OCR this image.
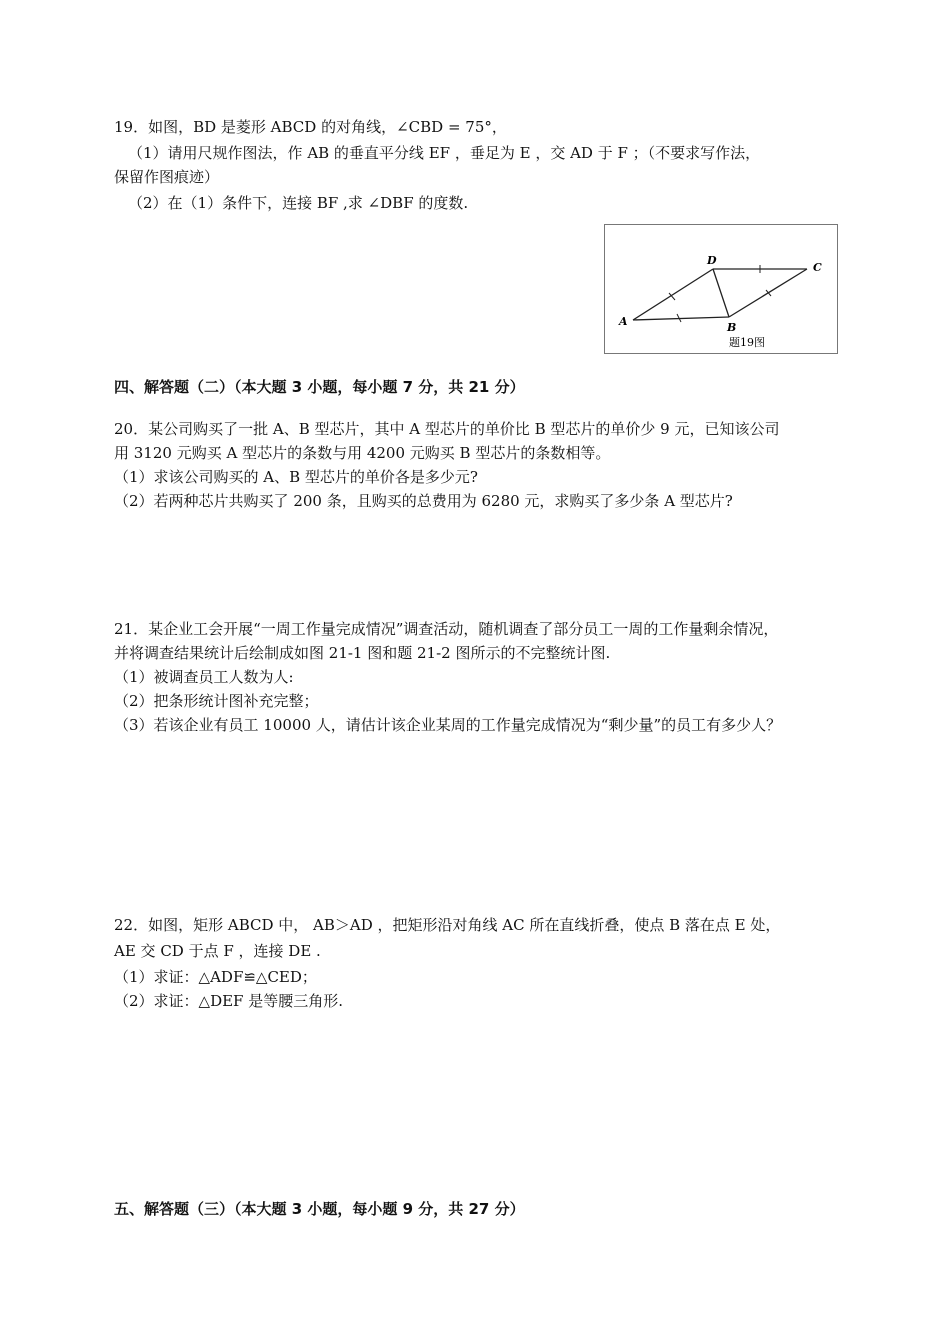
19．如图，BD 是菱形 ABCD 的对角线，∠CBD = 75°，
（1）请用尺规作图法，作 AB 的垂直平分线 EF ，垂足为 E ，交 AD 于 F ；（不要求写作法，
保留作图痕迹）
（2）在（1）条件下，连接 BF ,求 ∠DBF 的度数.
A	B
C
D
题19图
四、解答题（二）（本大题 3 小题，每小题 7 分，共 21 分）
20．某公司购买了一批 A、B 型芯片，其中 A 型芯片的单价比 B 型芯片的单价少 9 元，已知该公司
用 3120 元购买 A 型芯片的条数与用 4200 元购买 B 型芯片的条数相等。
（1）求该公司购买的 A、B 型芯片的单价各是多少元?
（2）若两种芯片共购买了 200 条，且购买的总费用为 6280 元，求购买了多少条 A 型芯片?
21．某企业工会开展“一周工作量完成情况”调查活动，随机调查了部分员工一周的工作量剩余情况，
并将调查结果统计后绘制成如图 21-1 图和题 21-2 图所示的不完整统计图.
（1）被调查员工人数为人:
（2）把条形统计图补充完整；
（3）若该企业有员工 10000 人，请估计该企业某周的工作量完成情况为“剩少量”的员工有多少人？
22．如图，矩形 ABCD 中， AB＞AD ，把矩形沿对角线 AC 所在直线折叠，使点 B 落在点 E 处，
AE 交 CD 于点 F ，连接 DE .
（1）求证：△ADF≌△CED；
（2）求证：△DEF 是等腰三角形.
五、解答题（三）（本大题 3 小题，每小题 9 分，共 27 分）
